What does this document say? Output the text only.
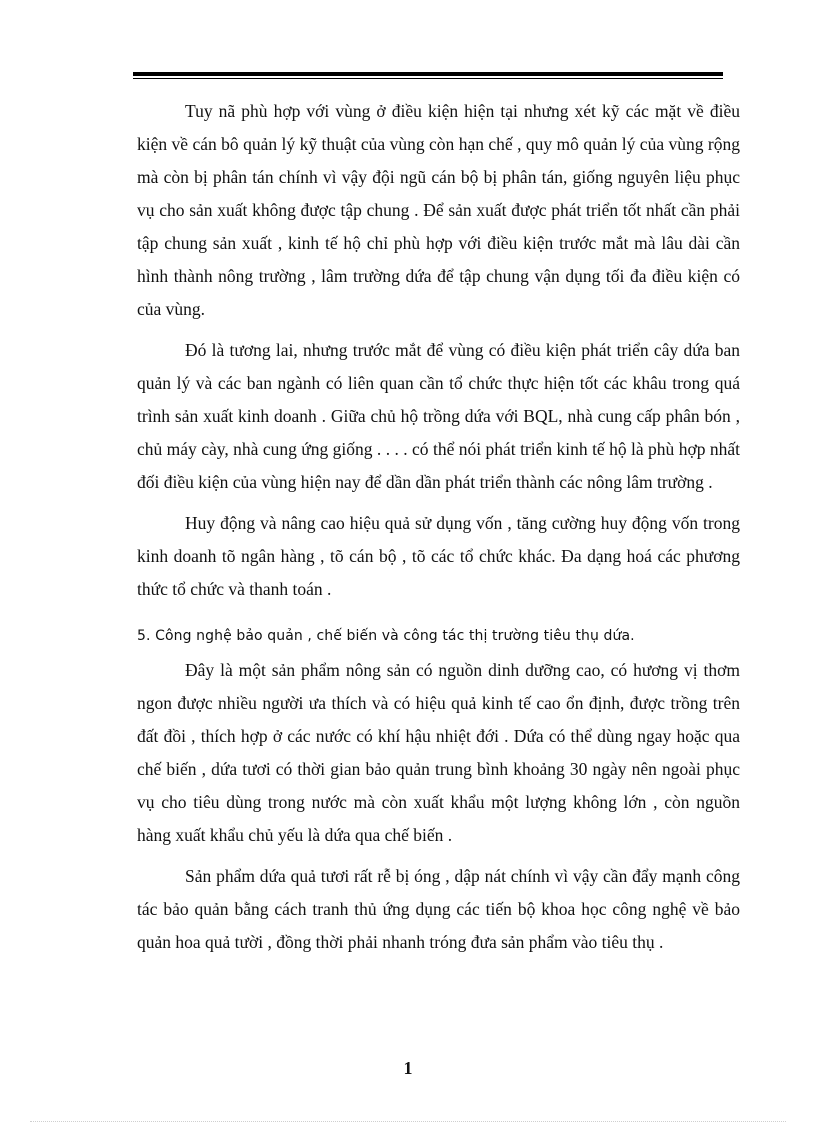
Tuy nã phù hợp với vùng ở điều kiện hiện tại nhưng xét kỹ các mặt về điều kiện về cán bô quản lý kỹ thuật của vùng còn hạn chế , quy mô quản lý của vùng rộng mà còn bị phân tán chính vì vậy đội ngũ cán bộ bị phân tán, giống nguyên liệu phục vụ cho sản xuất không được tập chung . Để sản xuất được phát triển tốt nhất cần phải tập chung sản xuất , kinh tế hộ chỉ phù hợp với điều kiện trước mắt mà lâu dài cần hình thành nông trường , lâm trường dứa để tập chung vận dụng tối đa điều kiện có của vùng.

Đó là tương lai, nhưng trước mắt để vùng có điều kiện phát triển cây dứa ban quản lý và các ban ngành có liên quan cần tổ chức thực hiện tốt các khâu trong quá trình sản xuất kinh doanh . Giữa chủ hộ trồng dứa với BQL, nhà cung cấp phân bón , chủ máy cày, nhà cung ứng giống . . . . có thể nói phát triển kinh tế hộ là phù hợp nhất đối điều kiện của vùng hiện nay để dần dần phát triển thành các nông lâm trường .

Huy động và nâng cao hiệu quả sử dụng vốn , tăng cường huy động vốn trong kinh doanh tõ ngân hàng , tõ cán bộ , tõ các tổ chức khác. Đa dạng hoá các phương thức tổ chức và thanh toán .

5. Công nghệ bảo quản , chế biến và công tác thị trường tiêu thụ dứa.

Đây là một sản phẩm nông sản có nguồn dinh dưỡng cao, có hương vị thơm ngon được nhiều người ưa thích và có hiệu quả kinh tế cao ổn định, được trồng trên đất đồi , thích hợp ở các nước có khí hậu nhiệt đới . Dứa có thể dùng ngay hoặc qua chế biến , dứa tươi có thời gian bảo quản trung bình khoảng 30 ngày nên ngoài phục vụ cho tiêu dùng trong nước mà còn xuất khẩu một lượng không lớn , còn nguồn hàng xuất khẩu chủ yếu là dứa qua chế biến .

Sản phẩm dứa quả tươi rất rễ bị óng , dập nát chính vì vậy cần đẩy mạnh công tác bảo quản bằng cách tranh thủ ứng dụng các tiến bộ khoa học công nghệ về bảo quản hoa quả tười , đồng thời phải nhanh tróng đưa sản phẩm vào tiêu thụ .

1
